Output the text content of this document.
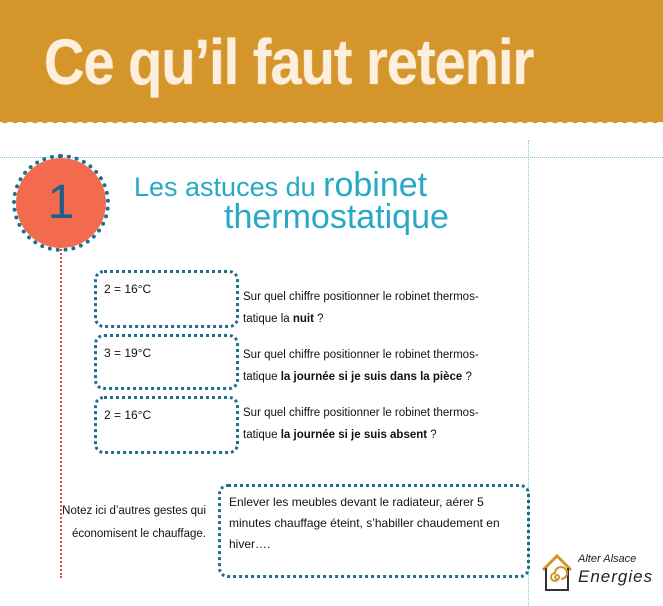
Ce qu’il faut retenir
1	Les astuces du robinet
thermostatique
2 = 16°C
Sur quel chiffre positionner le robinet thermos-
tatique la nuit ?
3 = 19°C	Sur quel chiffre positionner le robinet thermos-
tatique la journée si je suis dans la pièce ?
2 = 16°C	Sur quel chiffre positionner le robinet thermos-
tatique la journée si je suis absent ?
Notez ici d’autres gestes qui économisent le chauffage.
Enlever les meubles devant le radiateur, aérer 5 minutes chauffage éteint, s’habiller chaudement en hiver….
Alter Alsace
Energies
